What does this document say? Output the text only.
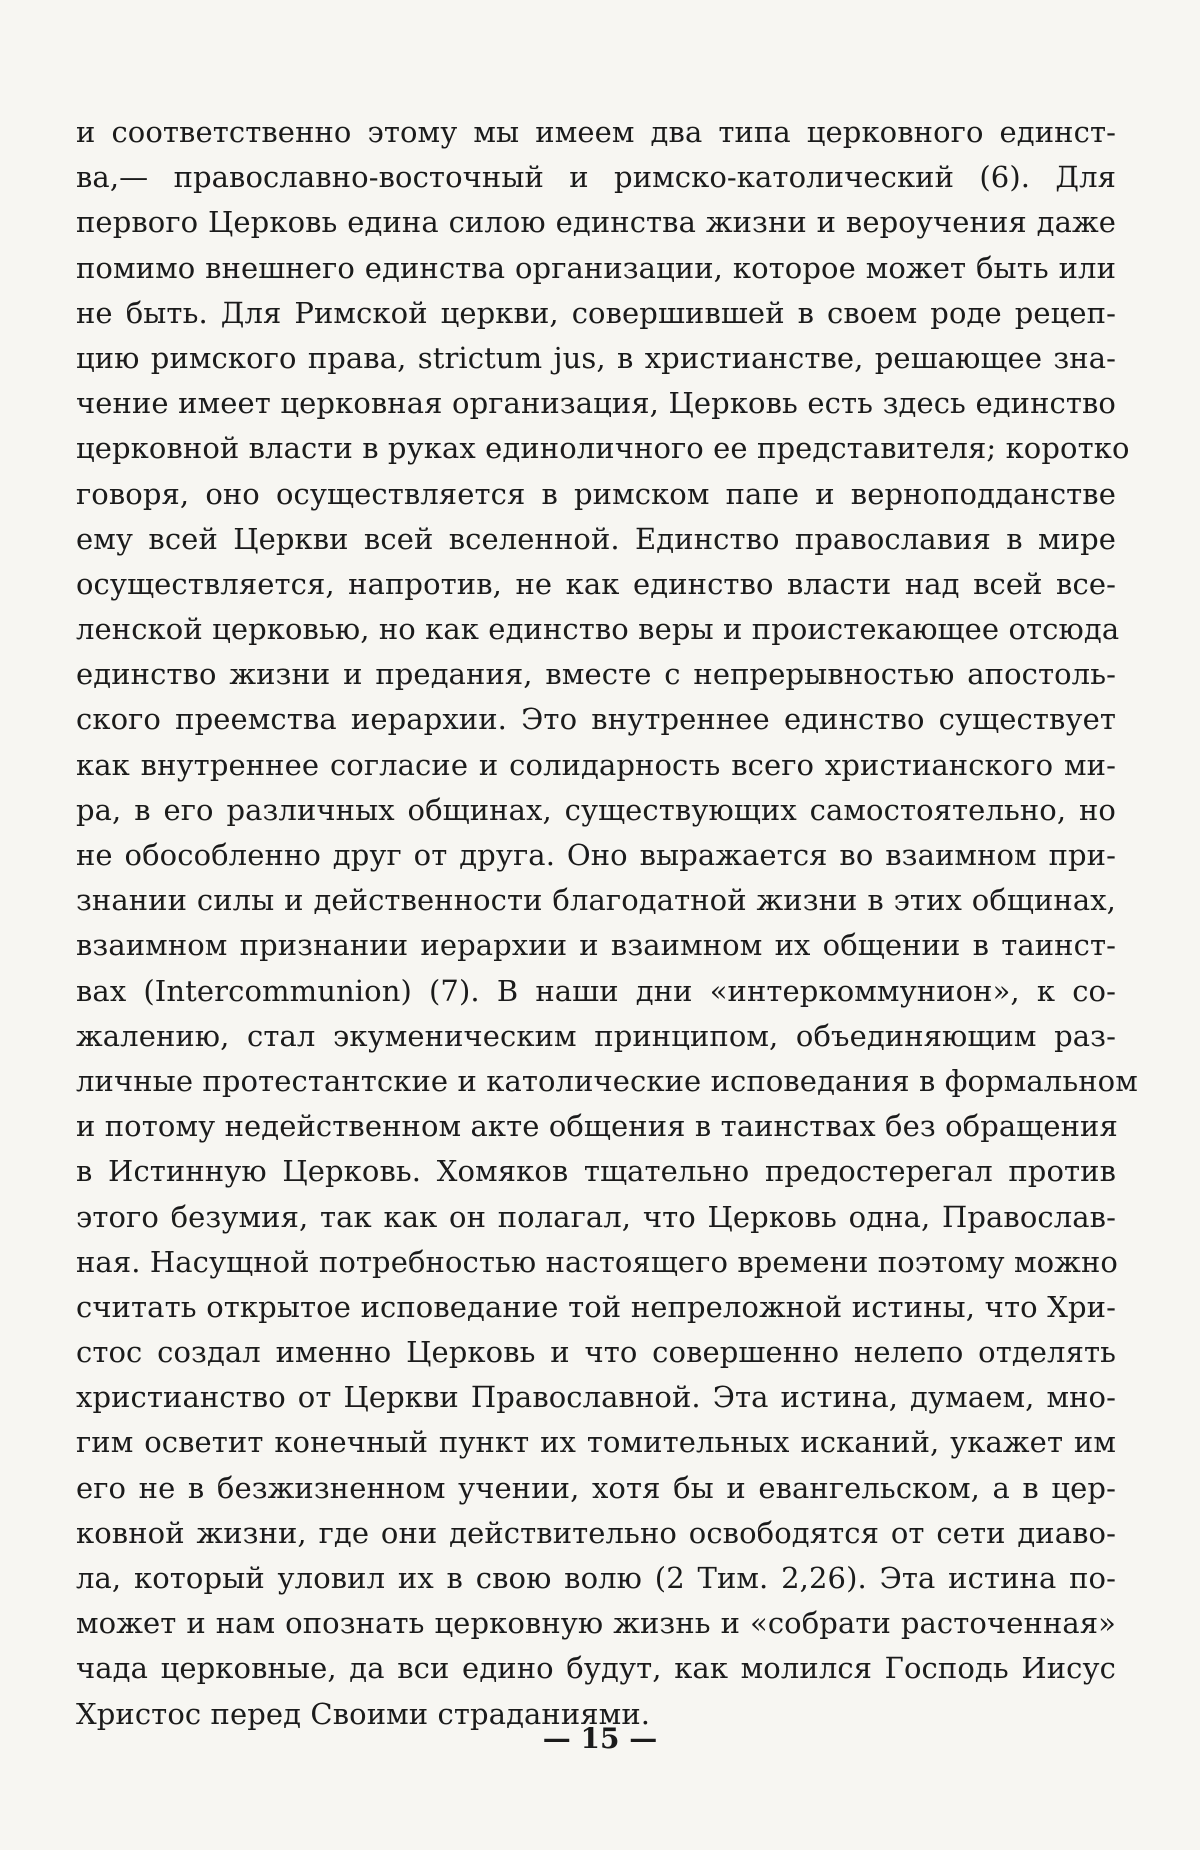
и соответственно этому мы имеем два типа церковного единст-
ва,— православно-восточный и римско-католический (6). Для
первого Церковь едина силою единства жизни и вероучения даже
помимо внешнего единства организации, которое может быть или
не быть. Для Римской церкви, совершившей в своем роде рецеп-
цию римского права, strictum jus, в христианстве, решающее зна-
чение имеет церковная организация, Церковь есть здесь единство
церковной власти в руках единоличного ее представителя; коротко
говоря, оно осуществляется в римском папе и верноподданстве
ему всей Церкви всей вселенной. Единство православия в мире
осуществляется, напротив, не как единство власти над всей все-
ленской церковью, но как единство веры и проистекающее отсюда
единство жизни и предания, вместе с непрерывностью апостоль-
ского преемства иерархии. Это внутреннее единство существует
как внутреннее согласие и солидарность всего христианского ми-
ра, в его различных общинах, существующих самостоятельно, но
не обособленно друг от друга. Оно выражается во взаимном при-
знании силы и действенности благодатной жизни в этих общинах,
взаимном признании иерархии и взаимном их общении в таинст-
вах (Intercommunion) (7). В наши дни «интеркоммунион», к со-
жалению, стал экуменическим принципом, объединяющим раз-
личные протестантские и католические исповедания в формальном
и потому недейственном акте общения в таинствах без обращения
в Истинную Церковь. Хомяков тщательно предостерегал против
этого безумия, так как он полагал, что Церковь одна, Православ-
ная. Насущной потребностью настоящего времени поэтому можно
считать открытое исповедание той непреложной истины, что Хри-
стос создал именно Церковь и что совершенно нелепо отделять
христианство от Церкви Православной. Эта истина, думаем, мно-
гим осветит конечный пункт их томительных исканий, укажет им
его не в безжизненном учении, хотя бы и евангельском, а в цер-
ковной жизни, где они действительно освободятся от сети диаво-
ла, который уловил их в свою волю (2 Тим. 2,26). Эта истина по-
может и нам опознать церковную жизнь и «собрати расточенная»
чада церковные, да вси едино будут, как молился Господь Иисус
Христос перед Своими страданиями.
— 15 —
